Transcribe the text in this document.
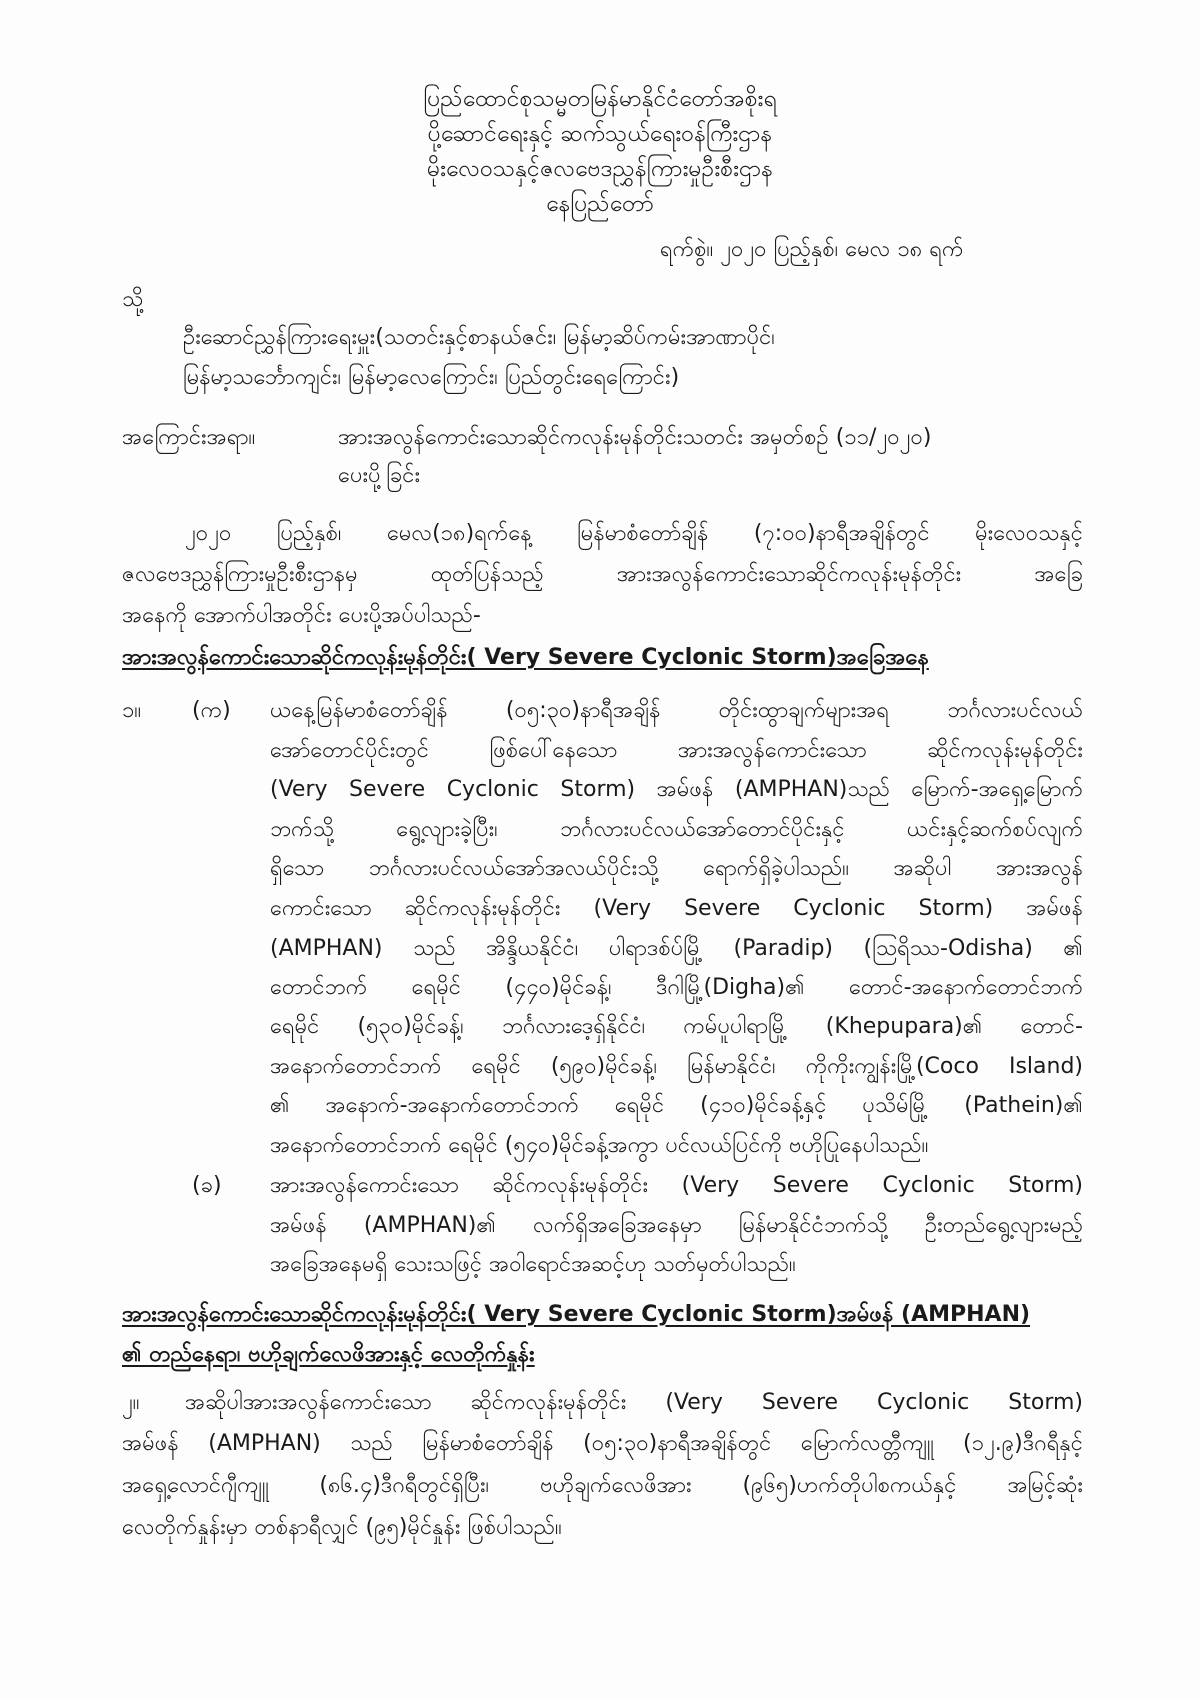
ပြည်ထောင်စုသမ္မတမြန်မာနိုင်ငံတော်အစိုးရ
ပို့ဆောင်ရေးနှင့် ဆက်သွယ်ရေးဝန်ကြီးဌာန
မိုးလေဝသနှင့်ဇလဗေဒညွှန်ကြားမှုဦးစီးဌာန
နေပြည်တော်
ရက်စွဲ။ ၂၀၂၀ ပြည့်နှစ်၊ မေလ ၁၈ ရက်
သို့
ဦးဆောင်ညွှန်ကြားရေးမှူး(သတင်းနှင့်စာနယ်ဇင်း၊ မြန်မာ့ဆိပ်ကမ်းအာဏာပိုင်၊
မြန်မာ့သင်္ဘောကျင်း၊ မြန်မာ့လေကြောင်း၊ ပြည်တွင်းရေကြောင်း)
အကြောင်းအရာ။	အားအလွန်ကောင်းသောဆိုင်ကလုန်းမုန်တိုင်းသတင်း အမှတ်စဉ် (၁၁/၂၀၂၀)
ပေးပို့ခြင်း
၂၀၂၀ ပြည့်နှစ်၊ မေလ(၁၈)ရက်နေ့ မြန်မာစံတော်ချိန် (၇:၀၀)နာရီအချိန်တွင် မိုးလေဝသနှင့်
ဇလဗေဒညွှန်ကြားမှုဦးစီးဌာနမှ ထုတ်ပြန်သည့် အားအလွန်ကောင်းသောဆိုင်ကလုန်းမုန်တိုင်း အခြေ
အနေကို အောက်ပါအတိုင်း ပေးပို့အပ်ပါသည်-
အားအလွန်ကောင်းသောဆိုင်ကလုန်းမုန်တိုင်း( Very Severe Cyclonic Storm)အခြေအနေ
၁။ (က) ယနေ့မြန်မာစံတော်ချိန် (၀၅:၃၀)နာရီအချိန် တိုင်းထွာချက်များအရ ဘင်္ဂလားပင်လယ်
အော်တောင်ပိုင်းတွင် ဖြစ်ပေါ်နေသော အားအလွန်ကောင်းသော ဆိုင်ကလုန်းမုန်တိုင်း
(Very Severe Cyclonic Storm) အမ်ဖန် (AMPHAN)သည် မြောက်-အရှေ့မြောက်
ဘက်သို့ ရွေ့လျားခဲ့ပြီး၊ ဘင်္ဂလားပင်လယ်အော်တောင်ပိုင်းနှင့် ယင်းနှင့်ဆက်စပ်လျက်
ရှိသော ဘင်္ဂလားပင်လယ်အော်အလယ်ပိုင်းသို့ ရောက်ရှိခဲ့ပါသည်။ အဆိုပါ အားအလွန်
ကောင်းသော ဆိုင်ကလုန်းမုန်တိုင်း (Very Severe Cyclonic Storm) အမ်ဖန်
(AMPHAN) သည် အိန္ဒိယနိုင်ငံ၊ ပါရာဒစ်ပ်မြို့ (Paradip) (သြရိဿ-Odisha) ၏
တောင်ဘက် ရေမိုင် (၄၄၀)မိုင်ခန့်၊ ဒီဂါမြို့(Digha)၏ တောင်-အနောက်တောင်ဘက်
ရေမိုင် (၅၃၀)မိုင်ခန့်၊ ဘင်္ဂလားဒေ့ရှ်နိုင်ငံ၊ ကမ်ပူပါရာမြို့ (Khepupara)၏ တောင်-
အနောက်တောင်ဘက် ရေမိုင် (၅၉၀)မိုင်ခန့်၊ မြန်မာနိုင်ငံ၊ ကိုကိုးကျွန်းမြို့(Coco Island)
၏ အနောက်-အနောက်တောင်ဘက် ရေမိုင် (၄၁၀)မိုင်ခန့်နှင့် ပုသိမ်မြို့ (Pathein)၏
အနောက်တောင်ဘက် ရေမိုင် (၅၄၀)မိုင်ခန့်အကွာ ပင်လယ်ပြင်ကို ဗဟိုပြုနေပါသည်။
(ခ) အားအလွန်ကောင်းသော ဆိုင်ကလုန်းမုန်တိုင်း (Very Severe Cyclonic Storm)
အမ်ဖန် (AMPHAN)၏ လက်ရှိအခြေအနေမှာ မြန်မာနိုင်ငံဘက်သို့ ဦးတည်ရွေ့လျားမည့်
အခြေအနေမရှိ သေးသဖြင့် အဝါရောင်အဆင့်ဟု သတ်မှတ်ပါသည်။
အားအလွန်ကောင်းသောဆိုင်ကလုန်းမုန်တိုင်း( Very Severe Cyclonic Storm)အမ်ဖန် (AMPHAN)
၏ တည်နေရာ၊ ဗဟိုချက်လေဖိအားနှင့် လေတိုက်နှုန်း
၂။ အဆိုပါအားအလွန်ကောင်းသော ဆိုင်ကလုန်းမုန်တိုင်း (Very Severe Cyclonic Storm)
အမ်ဖန် (AMPHAN) သည် မြန်မာစံတော်ချိန် (၀၅:၃၀)နာရီအချိန်တွင် မြောက်လတ္တီကျူ (၁၂.၉)ဒီဂရီနှင့်
အရှေ့လောင်ဂျီကျူ (၈၆.၄)ဒီဂရီတွင်ရှိပြီး၊ ဗဟိုချက်လေဖိအား (၉၆၅)ဟက်တိုပါစကယ်နှင့် အမြင့်ဆုံး
လေတိုက်နှုန်းမှာ တစ်နာရီလျှင် (၉၅)မိုင်နှုန်း ဖြစ်ပါသည်။
